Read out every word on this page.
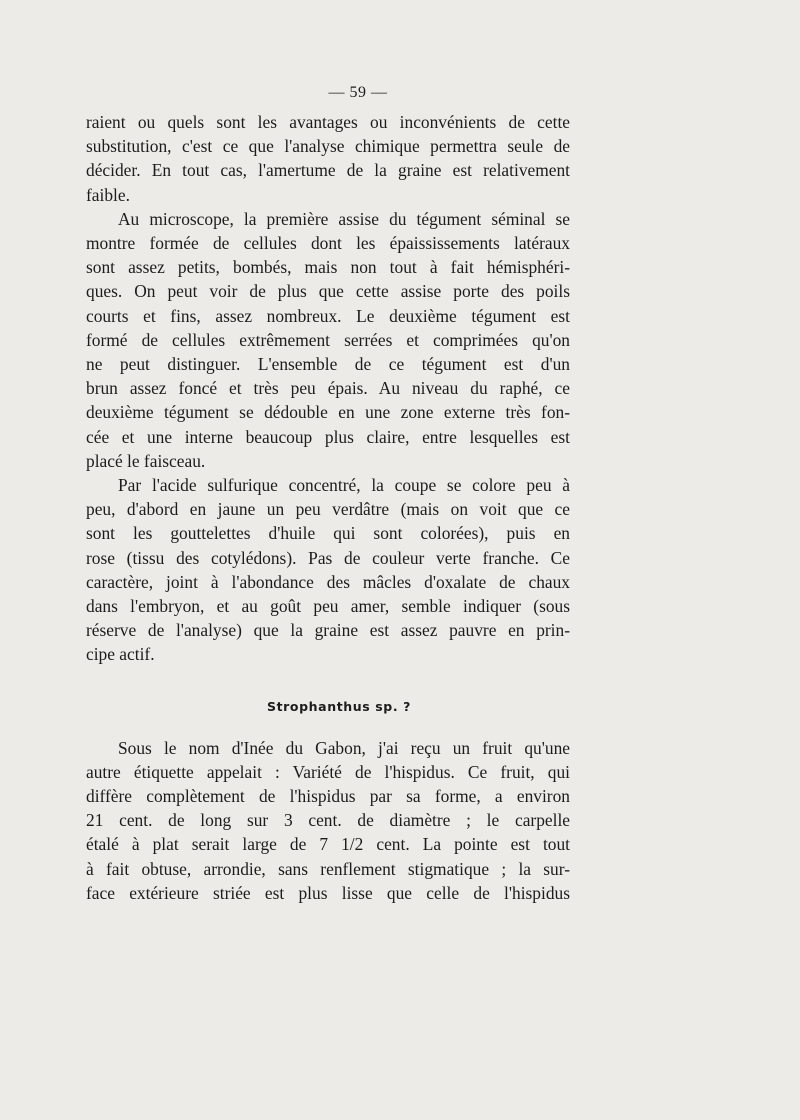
— 59 —

raient ou quels sont les avantages ou inconvénients de cette
substitution, c'est ce que l'analyse chimique permettra seule de
décider. En tout cas, l'amertume de la graine est relativement
faible.

Au microscope, la première assise du tégument séminal se
montre formée de cellules dont les épaississements latéraux
sont assez petits, bombés, mais non tout à fait hémisphéri-
ques. On peut voir de plus que cette assise porte des poils
courts et fins, assez nombreux. Le deuxième tégument est
formé de cellules extrêmement serrées et comprimées qu'on
ne peut distinguer. L'ensemble de ce tégument est d'un
brun assez foncé et très peu épais. Au niveau du raphé, ce
deuxième tégument se dédouble en une zone externe très fon-
cée et une interne beaucoup plus claire, entre lesquelles est
placé le faisceau.

Par l'acide sulfurique concentré, la coupe se colore peu à
peu, d'abord en jaune un peu verdâtre (mais on voit que ce
sont les gouttelettes d'huile qui sont colorées), puis en
rose (tissu des cotylédons). Pas de couleur verte franche. Ce
caractère, joint à l'abondance des mâcles d'oxalate de chaux
dans l'embryon, et au goût peu amer, semble indiquer (sous
réserve de l'analyse) que la graine est assez pauvre en prin-
cipe actif.

Strophanthus sp. ?

Sous le nom d'Inée du Gabon, j'ai reçu un fruit qu'une
autre étiquette appelait : Variété de l'hispidus. Ce fruit, qui
diffère complètement de l'hispidus par sa forme, a environ
21 cent. de long sur 3 cent. de diamètre ; le carpelle
étalé à plat serait large de 7 1/2 cent. La pointe est tout
à fait obtuse, arrondie, sans renflement stigmatique ; la sur-
face extérieure striée est plus lisse que celle de l'hispidus
